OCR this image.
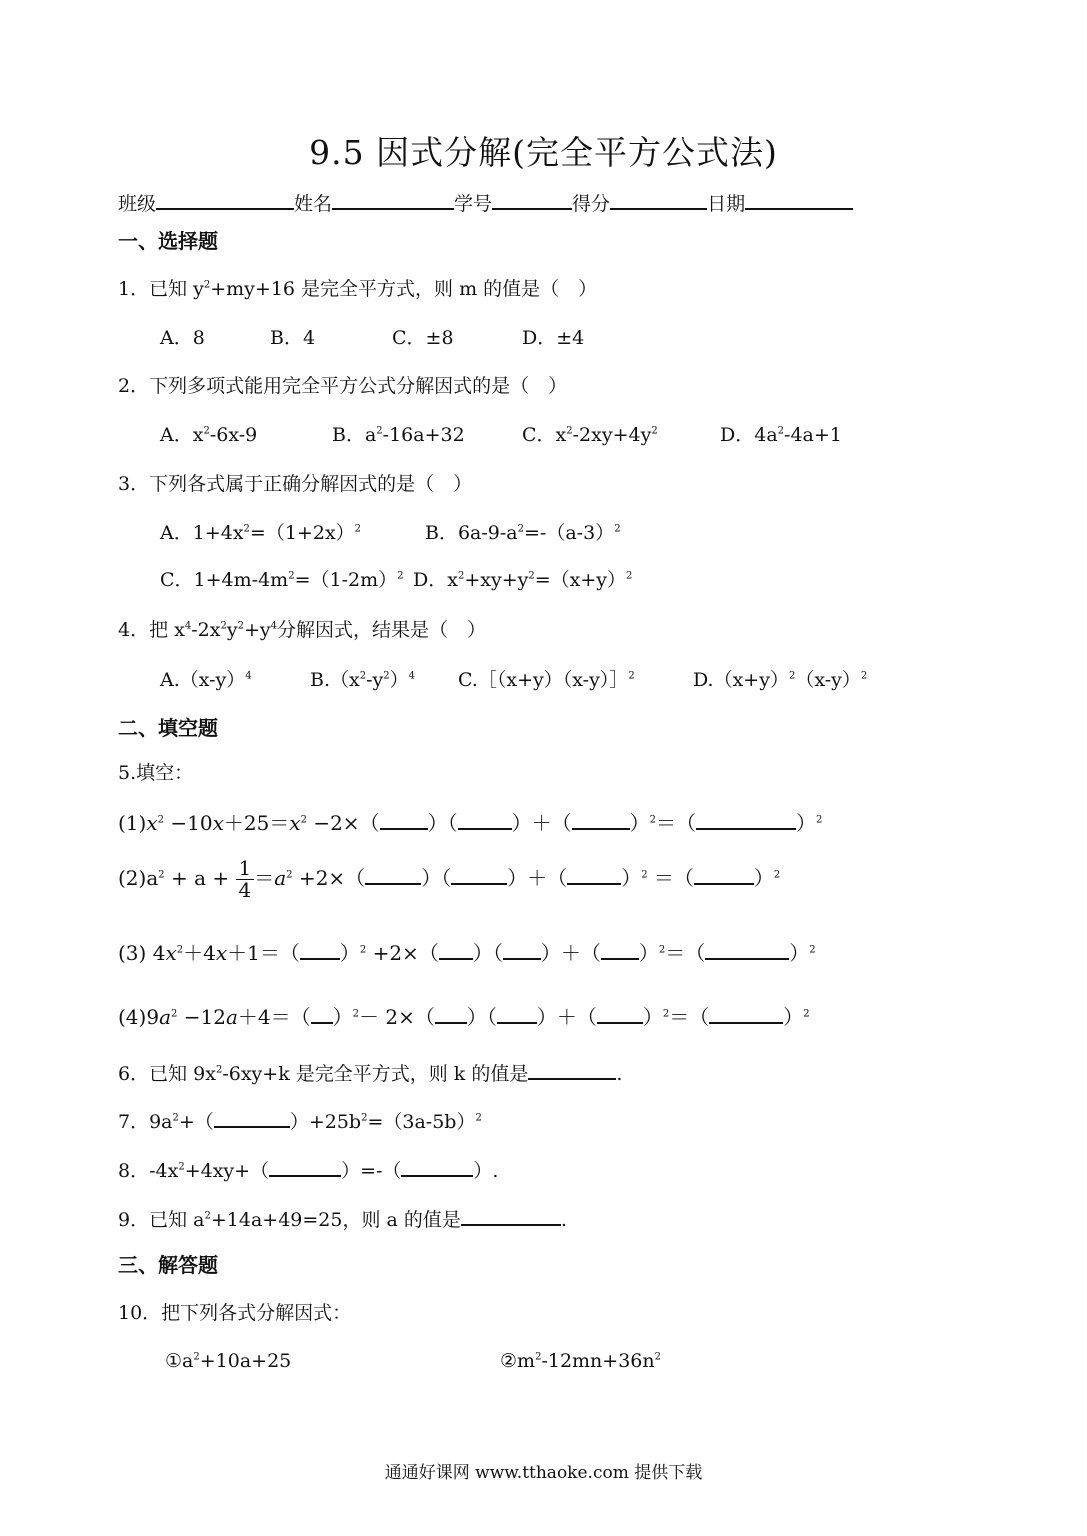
9.5 因式分解(完全平方公式法)
班级	姓名	学号	得分	日期
一、选择题
1．已知 $y^2+my+16$ 是完全平方式，则 m 的值是（　）
A．8	B．4	C．±8	D．±4
2．下列多项式能用完全平方公式分解因式的是（　）
A．$x^2-6x-9$	B．$a^2-16a+32$	C．$x^2-2xy+4y^2$	D．$4a^2-4a+1$
3．下列各式属于正确分解因式的是（　）
A．$1+4x^2=(1+2x)^2$	B．$6a-9-a^2=-(a-3)^2$
C．$1+4m-4m^2=(1-2m)^2$ D．$x^2+xy+y^2=(x+y)^2$
4．把 $x^4-2x^2y^2+y^4$分解因式，结果是（　）
$A.(x-y)^4$	$B.(x^2-y^2)^4$ C.［（x+y）（x-y）］$^2$	$D.(x+y)^2(x-y)^2$
二、填空题
5.填空：
$(1)x^2 -10x+25=x^2 -2\times$（ ）（	）＋（	）$^2$＝（	）$^2$
$(2)a^2 + a + \frac{1}{4} =a^2 +2\times$（	）（	）＋（	）$^2$ ＝（	）$^2$
(3) $4x^2+4x+1=$（ ）$^2$ +2×（ ）（ ）＋（ ）$^2$＝（	）$^2$
$(4)9a^2 -12a+4=$（ ）$^2$－ 2×（ ）（ ）＋（ ）$^2$＝（	）$^2$
6．已知 $9x^2-6xy+k$ 是完全平方式，则 k 的值是	.
7．$9a^2+$（	）$+25b^2=(3a-5b)^2$
8．$-4x^2+4xy+$（	）=-（	）.
9．已知 $a^2+14a+49=25$，则 a 的值是	.
三、解答题
10．把下列各式分解因式：
$①a^2+10a+25$	$②m^2-12mn+36n^2$
通通好课网 www.tthaoke.com 提供下载
